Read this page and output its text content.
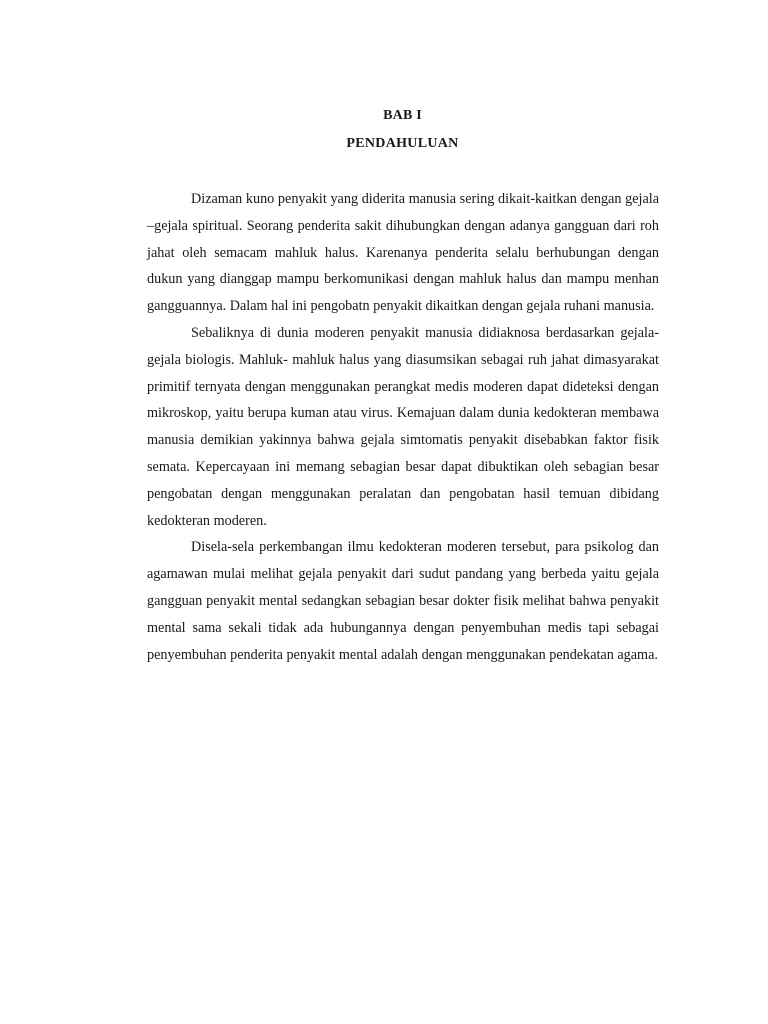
BAB I
PENDAHULUAN

Dizaman kuno penyakit yang diderita manusia sering dikait-kaitkan dengan gejala –gejala spiritual. Seorang penderita sakit dihubungkan dengan adanya gangguan dari roh jahat oleh semacam mahluk halus. Karenanya penderita selalu berhubungan dengan dukun yang dianggap mampu berkomunikasi dengan mahluk halus dan mampu menhan gangguannya. Dalam hal ini pengobatn penyakit dikaitkan dengan gejala ruhani manusia.

Sebaliknya di dunia moderen penyakit manusia didiaknosa berdasarkan gejala- gejala biologis. Mahluk- mahluk halus yang diasumsikan sebagai ruh jahat dimasyarakat primitif ternyata dengan menggunakan perangkat medis moderen dapat dideteksi dengan mikroskop, yaitu berupa kuman atau virus. Kemajuan dalam dunia kedokteran membawa manusia demikian yakinnya bahwa gejala simtomatis penyakit disebabkan faktor fisik semata. Kepercayaan ini memang sebagian besar dapat dibuktikan oleh sebagian besar pengobatan dengan menggunakan peralatan dan pengobatan hasil temuan dibidang kedokteran moderen.

Disela-sela perkembangan ilmu kedokteran moderen tersebut, para psikolog dan agamawan mulai melihat gejala penyakit dari sudut pandang yang berbeda yaitu gejala gangguan penyakit mental sedangkan sebagian besar dokter fisik melihat bahwa penyakit mental sama sekali tidak ada hubungannya dengan penyembuhan medis tapi sebagai penyembuhan penderita penyakit mental adalah dengan menggunakan pendekatan agama.
